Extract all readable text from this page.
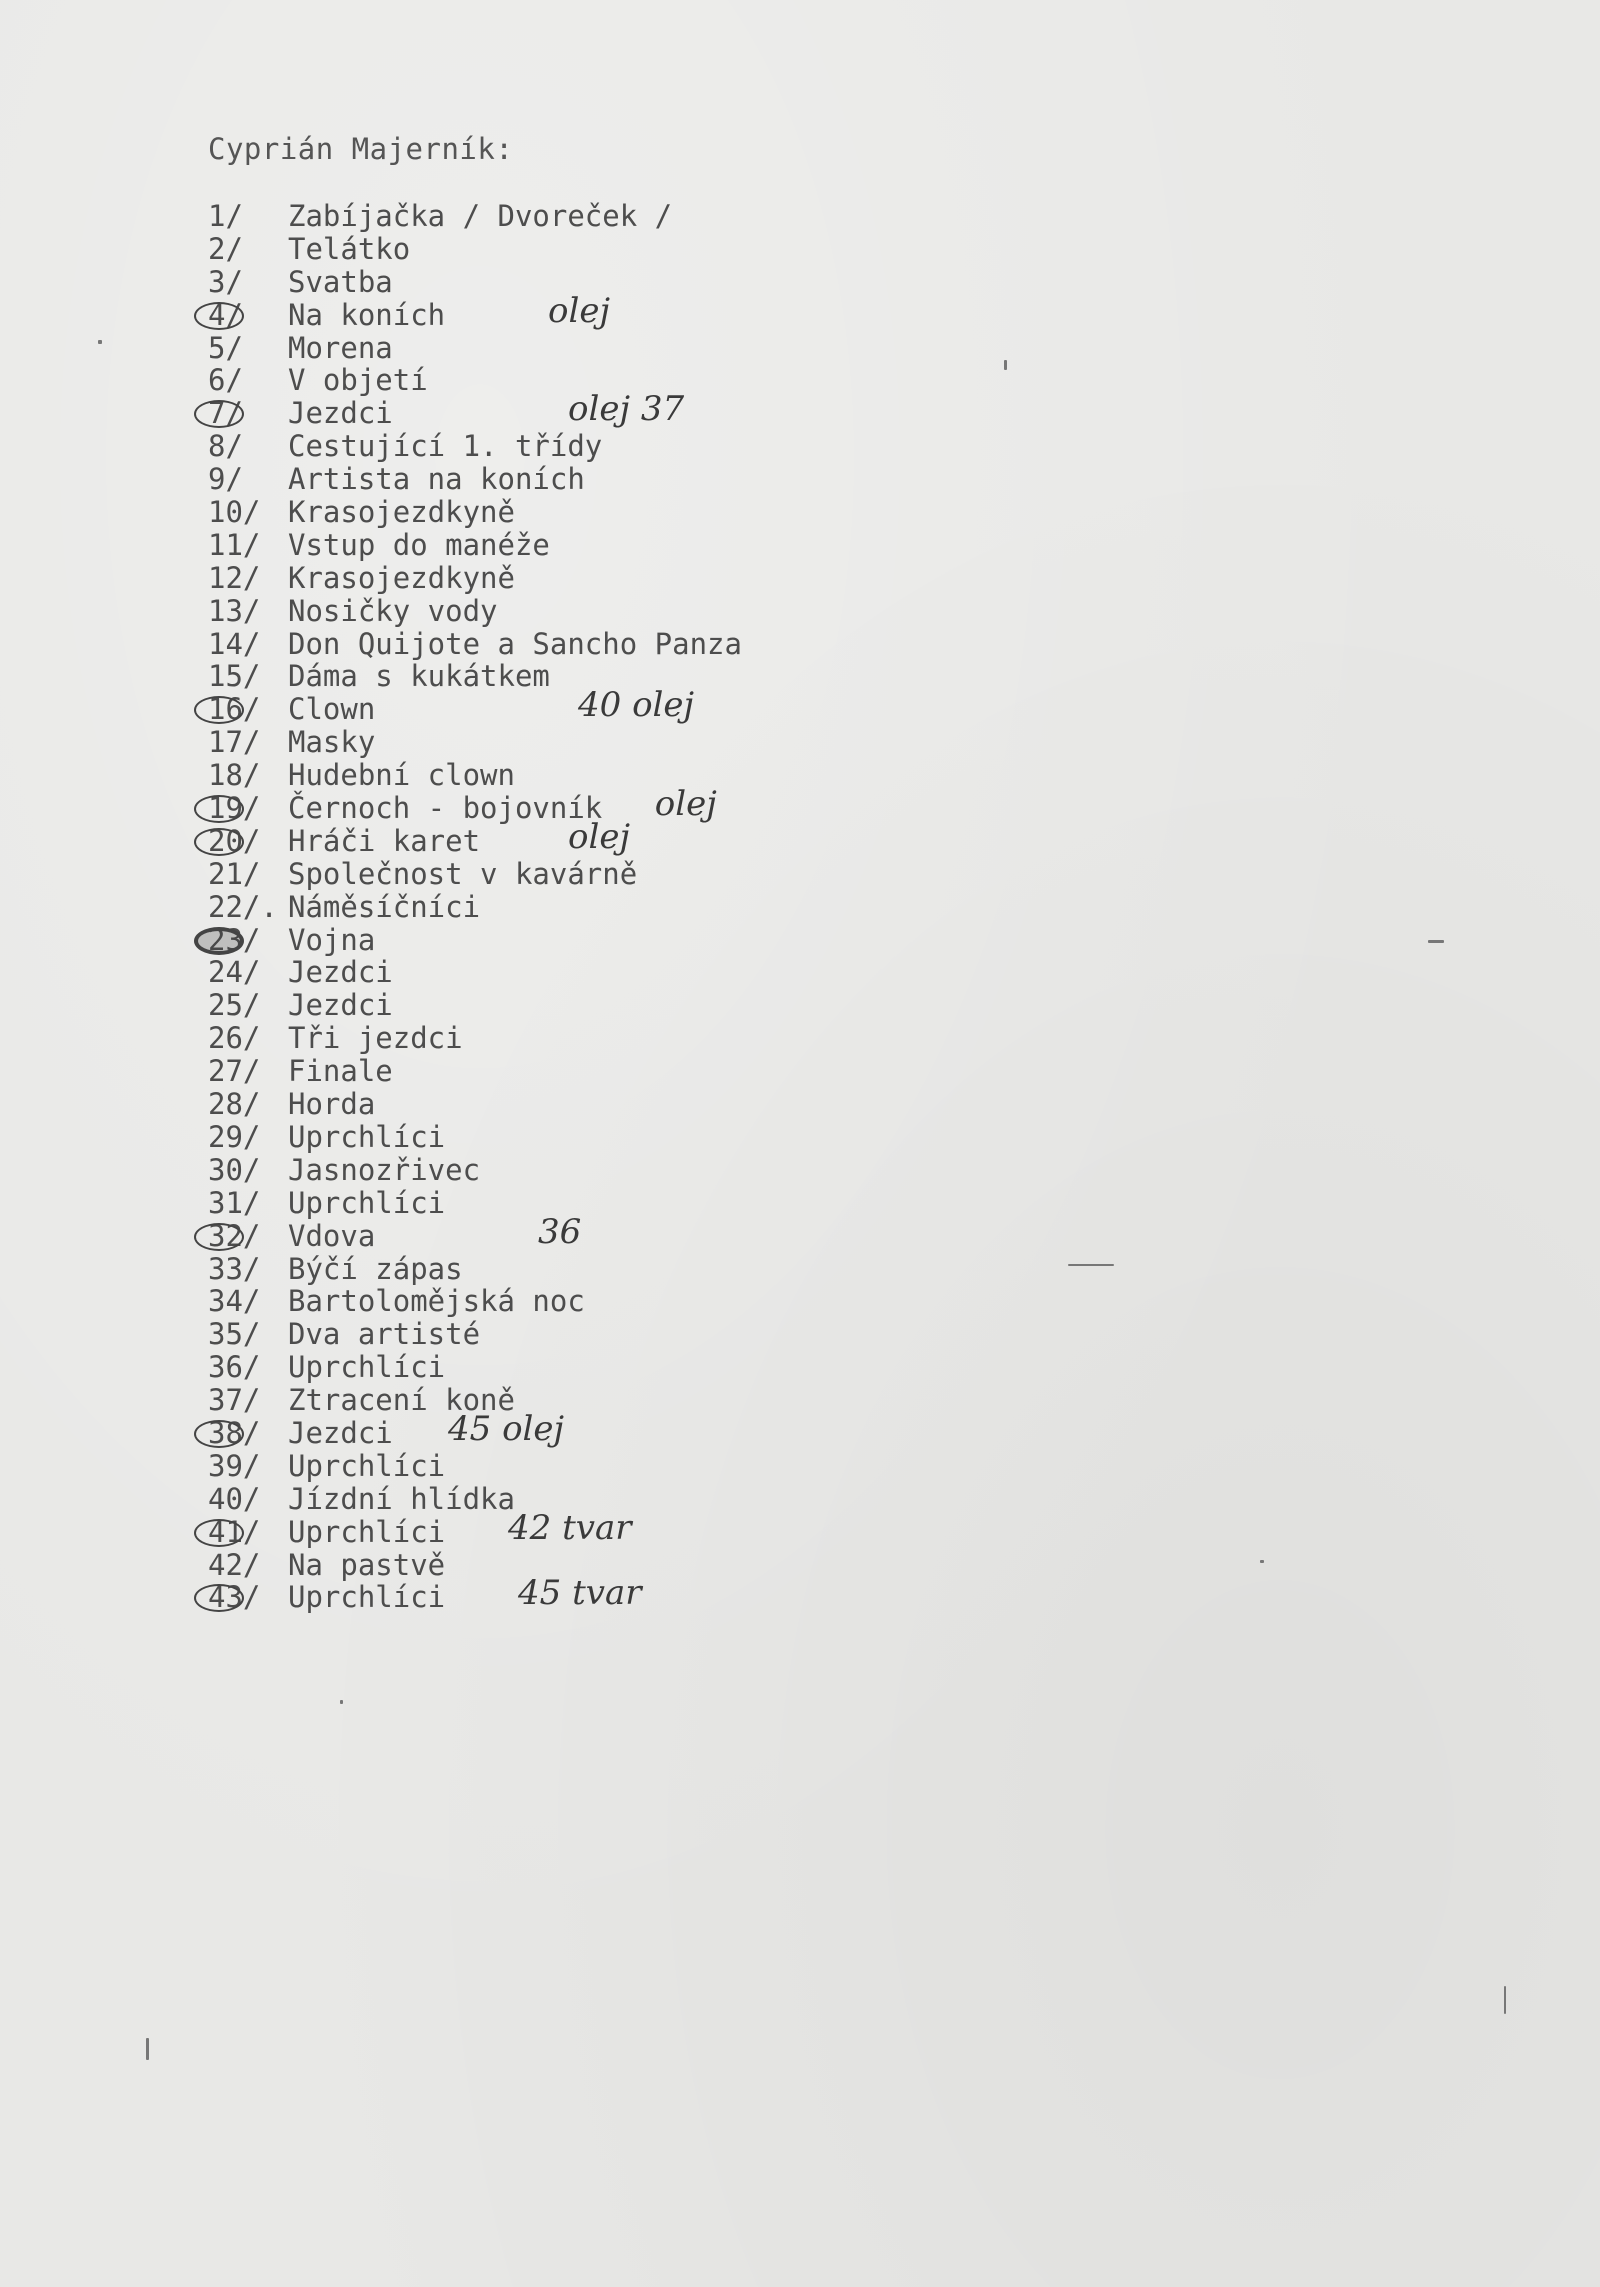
Cyprián Majerník:
1/ Zabíjačka / Dvoreček /
2/ Telátko
3/ Svatba
4/ Na koních	olej
5/ Morena
6/ V objetí
7/ Jezdci	olej 37
8/ Cestující 1. třídy
9/ Artista na koních
10/ Krasojezdkyně
11/ Vstup do manéže
12/ Krasojezdkyně
13/ Nosičky vody
14/ Don Quijote a Sancho Panza
15/ Dáma s kukátkem
16/ Clown	40 olej
17/ Masky
18/ Hudební clown
19/ Černoch - bojovník olej
20/ Hráči karet	olej
21/ Společnost v kavárně
22/. Náměsíčníci
23/ Vojna
24/ Jezdci
25/ Jezdci
26/ Tři jezdci
27/ Finale
28/ Horda
29/ Uprchlíci
30/ Jasnozřivec
31/ Uprchlíci
32/ Vdova	36
33/ Býčí zápas
34/ Bartolomějská noc
35/ Dva artisté
36/ Uprchlíci
37/ Ztracení koně
38/ Jezdci 45 olej
39/ Uprchlíci
40/ Jízdní hlídka
41/ Uprchlíci 42 tvar
42/ Na pastvě
43/ Uprchlíci 45 tvar
